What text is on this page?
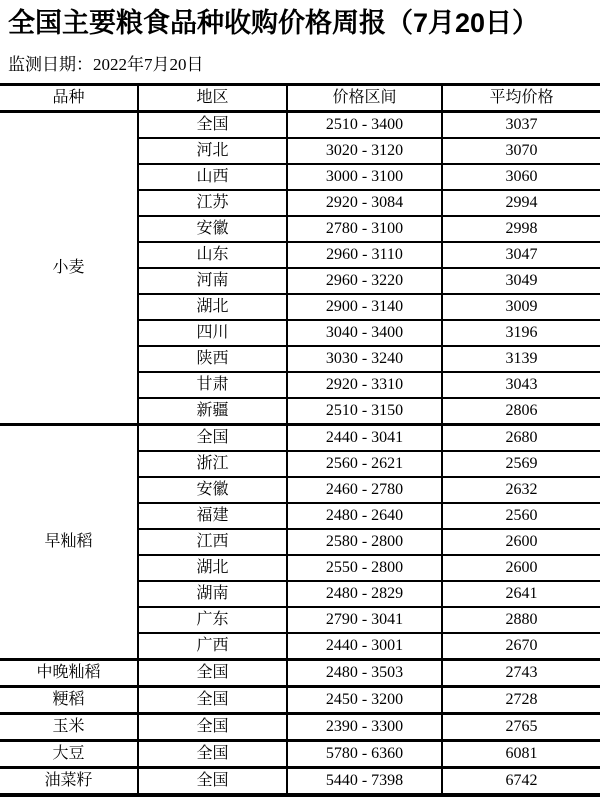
全国主要粮食品种收购价格周报（7月20日）
监测日期：2022年7月20日
品种	地区	价格区间	平均价格
小麦	全国	2510 - 3400	3037
	河北	3020 - 3120	3070
	山西	3000 - 3100	3060
	江苏	2920 - 3084	2994
	安徽	2780 - 3100	2998
	山东	2960 - 3110	3047
	河南	2960 - 3220	3049
	湖北	2900 - 3140	3009
	四川	3040 - 3400	3196
	陕西	3030 - 3240	3139
	甘肃	2920 - 3310	3043
	新疆	2510 - 3150	2806
早籼稻	全国	2440 - 3041	2680
	浙江	2560 - 2621	2569
	安徽	2460 - 2780	2632
	福建	2480 - 2640	2560
	江西	2580 - 2800	2600
	湖北	2550 - 2800	2600
	湖南	2480 - 2829	2641
	广东	2790 - 3041	2880
	广西	2440 - 3001	2670
中晚籼稻	全国	2480 - 3503	2743
粳稻	全国	2450 - 3200	2728
玉米	全国	2390 - 3300	2765
大豆	全国	5780 - 6360	6081
油菜籽	全国	5440 - 7398	6742
